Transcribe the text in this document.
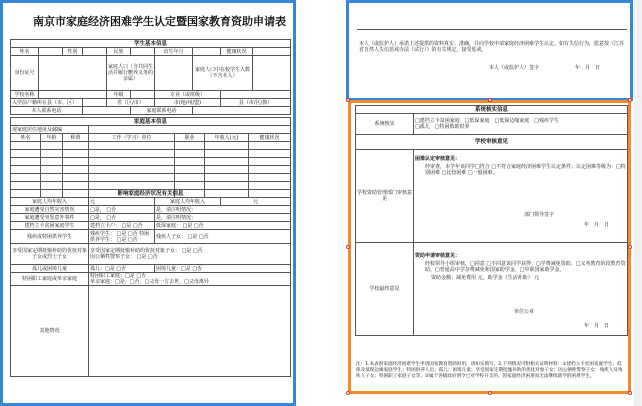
南京市家庭经济困难学生认定暨国家教育资助申请表
学生基本信息									
姓名		性别		民族		出生年月		健康状况	
身份证号				家庭人口（含共同生活并履行赡养义务的亲属）			家庭人口中在校学生人数（不含本人）		
学校名称				年级		专业（或班级）			
入学前户籍所在县（市、区）				省（区/市）		市(地/州/盟)		县（市/区/旗）	
本人联系电话					家庭联系电话				
家庭基本信息						
现家庭居住地址及邮编						
姓名	年龄	称谓	工作（学习）单位	职业	年收入(元)	健康状况

影响家庭经济状况有关信息			
家庭人均年收入	元	家庭人均年收入	元
家庭遭受自然灾害情况	□是， □否	是，请注明情况：	
家庭遭受突发意外事件	□是， □否	是，请注明情况：	
建档立卡贫困家庭学生	建档立卡户： □是 □否	低保家庭： □是 □否	
残疾或特困供养学生	残疾学生： □是 □否 特困供养学生： □是 □否	残疾人子女： □是 □否	
享受国家定期抚恤补助的优抚对象子女或烈士子女	享受国家定期抚恤补助的优抚对象子女： □是 □否
因公牺牲警察子女： □是 □否		
孤儿或困境儿童	孤儿：□是 □否	困境儿童：□是 □否	
特困职工家庭或单亲家庭	特困职工家庭：□是 □否
单亲家庭：□是，□否，□父母一方去世，□父母离异		
其他情况			
本人（或监护人）承诺上述提供的资料真实、准确，并向学校申请家庭经济困难学生认定。如有失信行为，愿意按《江苏省自然人失信惩戒办法（试行）》的有关规定，接受惩戒。
本人（或监护人）签字	年　月　日
系统核实信息	
系统核实	□建档立卡贫困家庭　 □低保家庭　 □低保边缘家庭　 □残疾学生
□孤儿　 □特困救助供养
学校审核意见	
学校资助管理部门审核意见	困难认定审核意见：
经审查，本学年该同学□符合 □不符合家庭经济困难学生认定条件；认定困难等级为：□特别困难 □比较困难 □一般困难。
部门领导签字
年　月　日

学校最终意见	资助申请审核意见：
经校领导小组审核，□同意 □不同意该同学获得：□学费减免资助、□义务教育阶段教育资助、□普通高中学杂费减免和国家助学金、□中职国家助学金。
资助金额：减免费用 元，助学金（生活补助） 元
单位公章
年　月　日
注：1.本表供家庭经济困难学生申请国家教育资助时用，请如实填写。2.下列情况可附相关证明材料：①建档立卡贫困家庭学生；低保及低保边缘家庭学生；特困供养人员；孤儿；困境儿童；享受国家定期抚恤补助的优抚对象子女；因公牺牲警察子女；残疾人及残疾人子女；特困职工家庭子女等。②属于各级政府明令已对学校开支的。因家庭经济困难而无法继续就学的困难学生。
